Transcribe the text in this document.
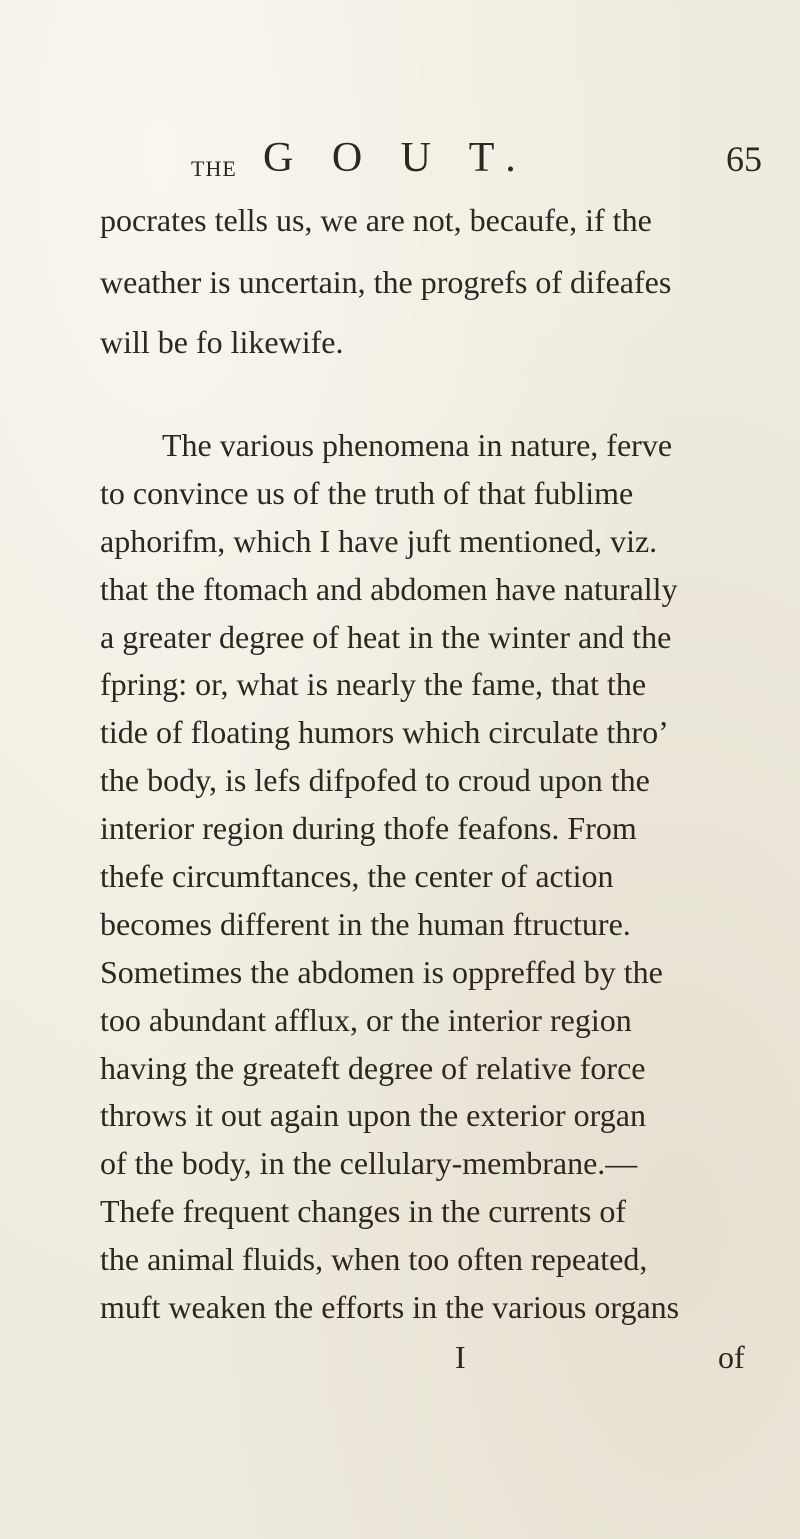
THE G O U T.	65
pocrates tells us, we are not, becaufe, if the
weather is uncertain, the progrefs of difeafes
will be fo likewife.
The various phenomena in nature, ferve
to convince us of the truth of that fublime
aphorifm, which I have juft mentioned, viz.
that the ftomach and abdomen have naturally
a greater degree of heat in the winter and the
fpring: or, what is nearly the fame, that the
tide of floating humors which circulate thro’
the body, is lefs difpofed to croud upon the
interior region during thofe feafons. From
thefe circumftances, the center of action
becomes different in the human ftructure.
Sometimes the abdomen is oppreffed by the
too abundant afflux, or the interior region
having the greateft degree of relative force
throws it out again upon the exterior organ
of the body, in the cellulary-membrane.—
Thefe frequent changes in the currents of
the animal fluids, when too often repeated,
muft weaken the efforts in the various organs
I	of
